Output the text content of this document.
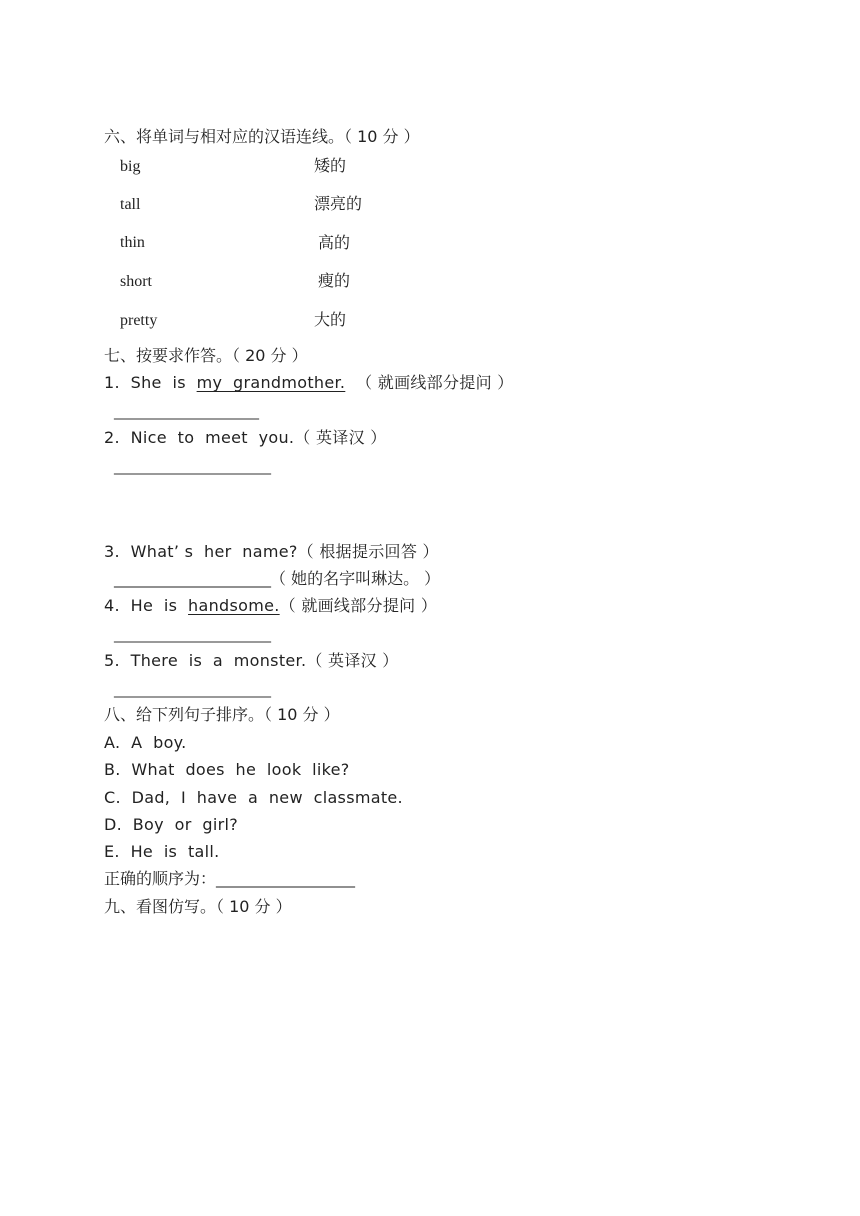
六、将单词与相对应的汉语连线。（ 10 分 ）
big	矮的
tall	漂亮的
thin	高的
short	瘦的
pretty	大的
七、按要求作答。（ 20 分 ）
1.  She  is  my  grandmother.  （ 就画线部分提问 ）
________________________
2.  Nice  to  meet  you.（ 英译汉 ）
__________________________
3.  What’ s  her  name?（ 根据提示回答 ）
__________________________（ 她的名字叫琳达。 ）
4.  He  is  handsome.（ 就画线部分提问 ）
__________________________
5.  There  is  a  monster.（ 英译汉 ）
__________________________
八、给下列句子排序。（ 10 分 ）
A.  A  boy.
B.  What  does  he  look  like?
C.  Dad,  I  have  a  new  classmate.
D.  Boy  or  girl?
E.  He  is  tall.
正确的顺序为：_______________________
九、看图仿写。（ 10 分 ）
